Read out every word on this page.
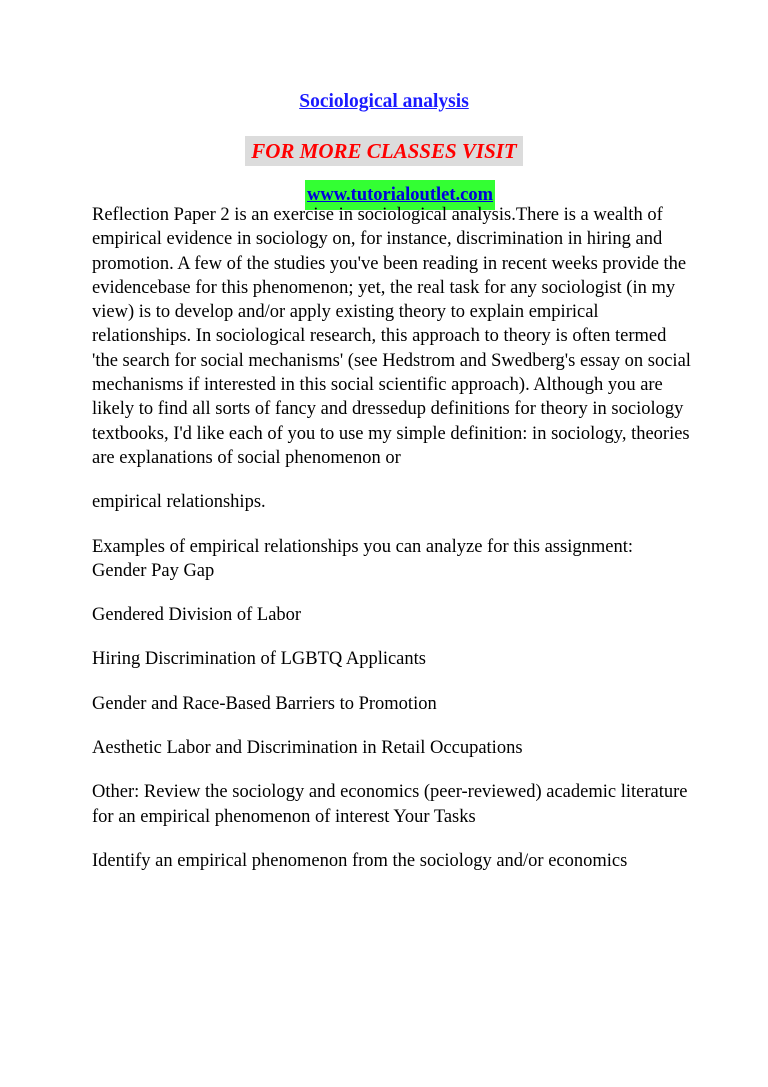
Sociological analysis
FOR MORE CLASSES VISIT
www.tutorialoutlet.com

Reflection Paper 2 is an exercise in sociological analysis.There is a wealth of empirical evidence in sociology on, for instance, discrimination in hiring and promotion. A few of the studies you've been reading in recent weeks provide the evidencebase for this phenomenon; yet, the real task for any sociologist (in my view) is to develop and/or apply existing theory to explain empirical relationships. In sociological research, this approach to theory is often termed 'the search for social mechanisms' (see Hedstrom and Swedberg's essay on social mechanisms if interested in this social scientific approach). Although you are likely to find all sorts of fancy and dressedup definitions for theory in sociology textbooks, I'd like each of you to use my simple definition: in sociology, theories are explanations of social phenomenon or

empirical relationships.

Examples of empirical relationships you can analyze for this assignment: Gender Pay Gap

Gendered Division of Labor

Hiring Discrimination of LGBTQ Applicants

Gender and Race-Based Barriers to Promotion

Aesthetic Labor and Discrimination in Retail Occupations

Other: Review the sociology and economics (peer-reviewed) academic literature for an empirical phenomenon of interest Your Tasks

Identify an empirical phenomenon from the sociology and/or economics
